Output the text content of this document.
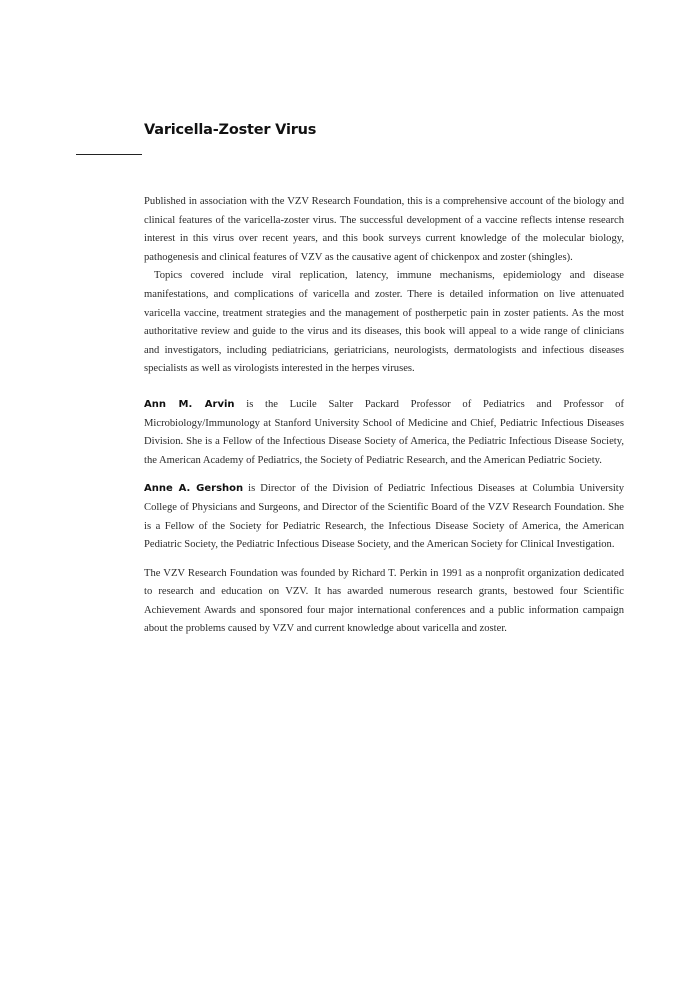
Varicella-Zoster Virus

Published in association with the VZV Research Foundation, this is a comprehensive account of the biology and clinical features of the varicella-zoster virus. The successful development of a vaccine reflects intense research interest in this virus over recent years, and this book surveys current knowledge of the molecular biology, pathogenesis and clinical features of VZV as the causative agent of chickenpox and zoster (shingles).

Topics covered include viral replication, latency, immune mechanisms, epidemiology and disease manifestations, and complications of varicella and zoster. There is detailed information on live attenuated varicella vaccine, treatment strategies and the management of postherpetic pain in zoster patients. As the most authoritative review and guide to the virus and its diseases, this book will appeal to a wide range of clinicians and investigators, including pediatricians, geriatricians, neurologists, dermatologists and infectious diseases specialists as well as virologists interested in the herpes viruses.

Ann M. Arvin is the Lucile Salter Packard Professor of Pediatrics and Professor of Microbiology/Immunology at Stanford University School of Medicine and Chief, Pediatric Infectious Diseases Division. She is a Fellow of the Infectious Disease Society of America, the Pediatric Infectious Disease Society, the American Academy of Pediatrics, the Society of Pediatric Research, and the American Pediatric Society.

Anne A. Gershon is Director of the Division of Pediatric Infectious Diseases at Columbia University College of Physicians and Surgeons, and Director of the Scientific Board of the VZV Research Foundation. She is a Fellow of the Society for Pediatric Research, the Infectious Disease Society of America, the American Pediatric Society, the Pediatric Infectious Disease Society, and the American Society for Clinical Investigation.

The VZV Research Foundation was founded by Richard T. Perkin in 1991 as a nonprofit organization dedicated to research and education on VZV. It has awarded numerous research grants, bestowed four Scientific Achievement Awards and sponsored four major international conferences and a public information campaign about the problems caused by VZV and current knowledge about varicella and zoster.
